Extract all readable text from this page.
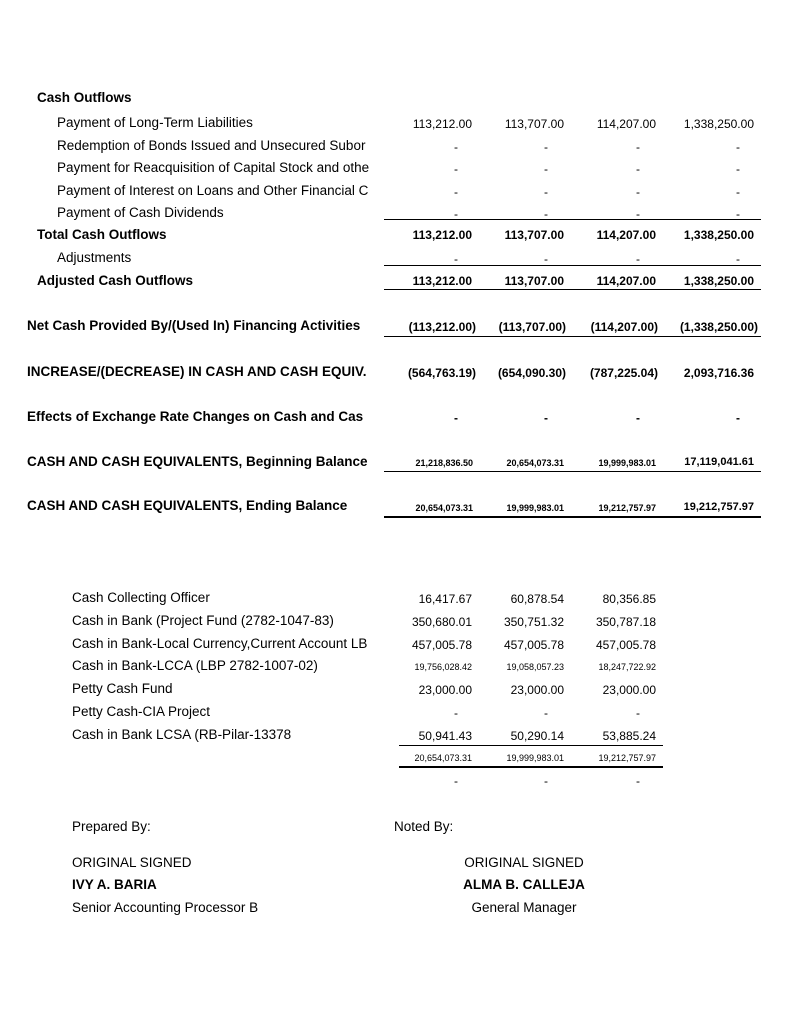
Cash Outflows
Payment of Long-Term Liabilities	113,212.00	113,707.00	114,207.00	1,338,250.00
Redemption of Bonds Issued and Unsecured Subor	-	-	-	-
Payment for Reacquisition of Capital Stock and othe	-	-	-	-
Payment of Interest on Loans and Other Financial C	-	-	-	-
Payment of Cash Dividends	-	-	-	-
Total Cash Outflows	113,212.00	113,707.00	114,207.00	1,338,250.00
Adjustments	-	-	-	-
Adjusted Cash Outflows	113,212.00	113,707.00	114,207.00	1,338,250.00
Net Cash Provided By/(Used In) Financing Activities	(113,212.00)	(113,707.00)	(114,207.00)	(1,338,250.00)
INCREASE/(DECREASE) IN CASH AND CASH EQUIV.	(564,763.19)	(654,090.30)	(787,225.04)	2,093,716.36
Effects of Exchange Rate Changes on Cash and Cas	-	-	-	-
CASH AND CASH EQUIVALENTS, Beginning Balance	21,218,836.50	20,654,073.31	19,999,983.01	17,119,041.61
CASH AND CASH EQUIVALENTS, Ending Balance	20,654,073.31	19,999,983.01	19,212,757.97	19,212,757.97
Cash Collecting Officer	16,417.67	60,878.54	80,356.85
Cash in Bank (Project Fund (2782-1047-83)	350,680.01	350,751.32	350,787.18
Cash in Bank-Local Currency,Current Account LB	457,005.78	457,005.78	457,005.78
Cash in Bank-LCCA (LBP 2782-1007-02)	19,756,028.42	19,058,057.23	18,247,722.92
Petty Cash Fund	23,000.00	23,000.00	23,000.00
Petty Cash-CIA Project	-	-	-
Cash in Bank LCSA (RB-Pilar-13378	50,941.43	50,290.14	53,885.24
20,654,073.31	19,999,983.01	19,212,757.97
-	-	-
Prepared By:	Noted By:
ORIGINAL SIGNED
IVY A. BARIA
Senior Accounting Processor B
ORIGINAL SIGNED
ALMA B. CALLEJA
General Manager
